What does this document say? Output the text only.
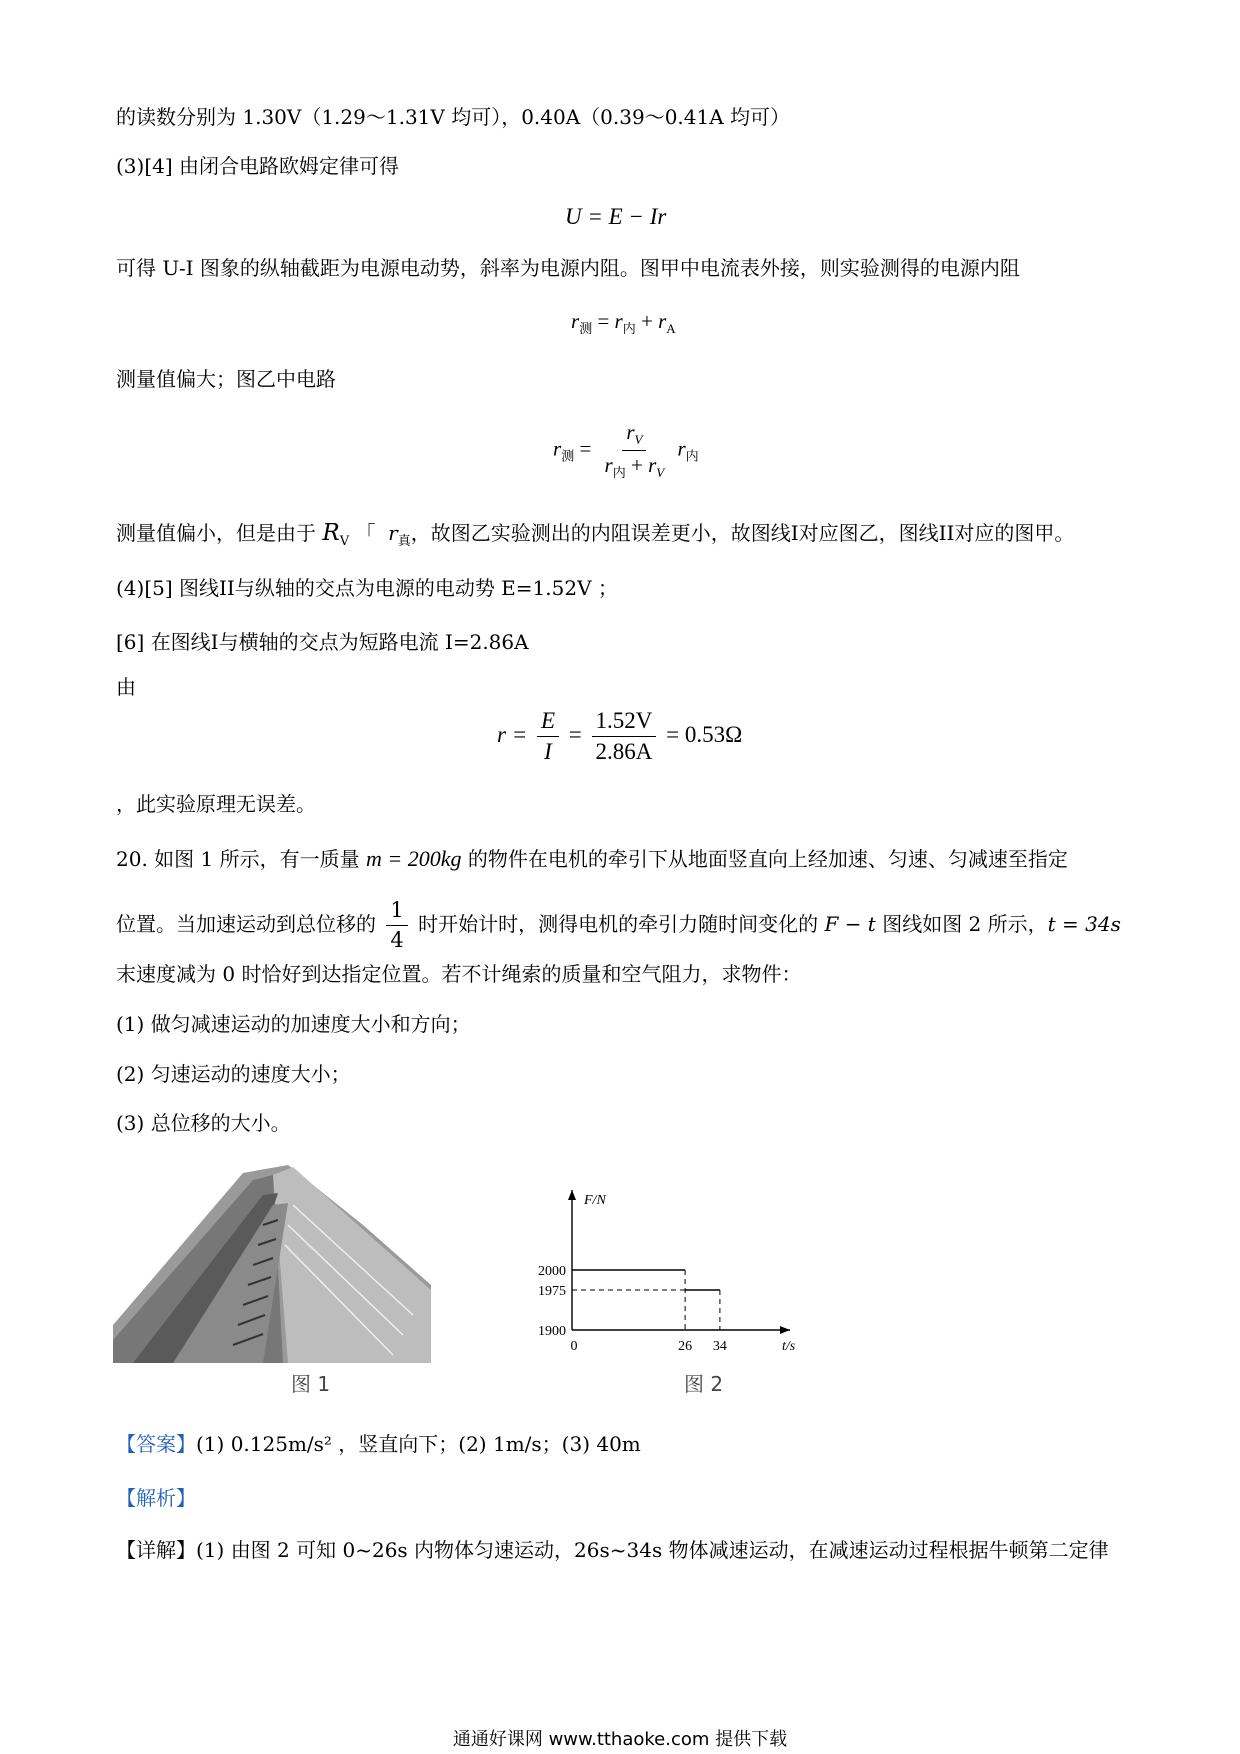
的读数分别为 1.30V（1.29～1.31V 均可），0.40A（0.39～0.41A 均可）
(3)[4] 由闭合电路欧姆定律可得
U = E − Ir
可得 U-I 图象的纵轴截距为电源电动势，斜率为电源内阻。图甲中电流表外接，则实验测得的电源内阻
$r_测 = r_内 + r_A$
测量值偏大；图乙中电路
$r_测 = \frac{r_V}{r_内 + r_V} r_内$
测量值偏小，但是由于 $R_V$ 「 $r_真$，故图乙实验测出的内阻误差更小，故图线I对应图乙，图线II对应的图甲。
(4)[5] 图线II与纵轴的交点为电源的电动势 E=1.52V ；
[6] 在图线I与横轴的交点为短路电流 I=2.86A
由
$r = \frac{E}{I} = \frac{1.52V}{2.86A} = 0.53\Omega$
，此实验原理无误差。
20. 如图 1 所示，有一质量 m = 200kg 的物件在电机的牵引下从地面竖直向上经加速、匀速、匀减速至指定
位置。当加速运动到总位移的 $\frac{1}{4}$ 时开始计时，测得电机的牵引力随时间变化的 F − t 图线如图 2 所示，t = 34s
末速度减为 0 时恰好到达指定位置。若不计绳索的质量和空气阻力，求物件：
(1) 做匀减速运动的加速度大小和方向；
(2) 匀速运动的速度大小；
(3) 总位移的大小。
图 1
F/N
t/s
2000
1975
1900
0	26 34
图 2
【答案】(1) 0.125m/s² ，竖直向下；(2) 1m/s；(3) 40m
【解析】
【详解】(1) 由图 2 可知 0~26s 内物体匀速运动，26s~34s 物体减速运动，在减速运动过程根据牛顿第二定律
通通好课网 www.tthaoke.com 提供下载
